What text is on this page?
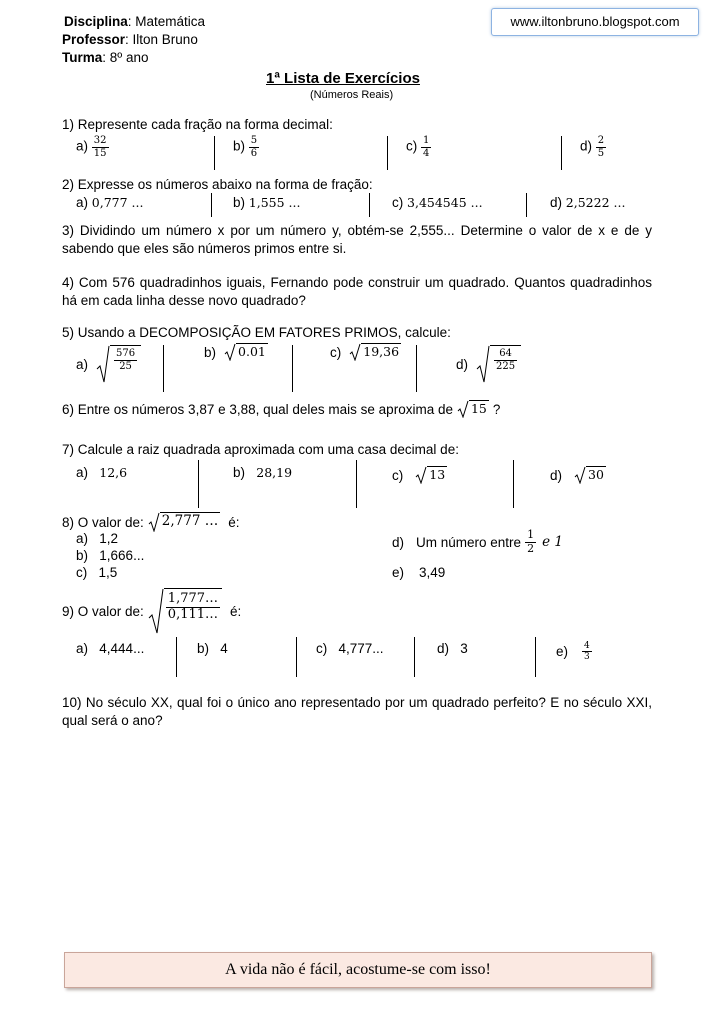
Disciplina: Matemática
Professor: Ilton Bruno
Turma: 8º ano
www.iltonbruno.blogspot.com
1ª Lista de Exercícios
(Números Reais)
1) Represente cada fração na forma decimal:
$a) \frac{32}{15}$	$b) \frac{5}{6}$	$c) \frac{1}{4}$	$d) \frac{2}{5}$
2) Expresse os números abaixo na forma de fração:
a) 0,777 ...	b) 1,555 ...	c) 3,454545 ...	d) 2,5222 ...
3) Dividindo um número x por um número y, obtém-se 2,555... Determine o valor de x e de y sabendo que eles são números primos entre si.
4) Com 576 quadradinhos iguais, Fernando pode construir um quadrado. Quantos quadradinhos há em cada linha desse novo quadrado?
5) Usando a DECOMPOSIÇÃO EM FATORES PRIMOS, calcule:
a)	$\frac{576}{25}$	b) 0.01	c) 19,36
d)	$\frac{64}{225}$
6) Entre os números 3,87 e 3,88, qual deles mais se aproxima de 15 ?
7) Calcule a raiz quadrada aproximada com uma casa decimal de:
a) 12,6	b) 28,19	c) 13	d) 30
8) O valor de: 2,777 … é:
a) 1,2
b) 1,666...
c) 1,5
d) Um número entre $\frac{1}{2}$ e 1
e) 3,49
9) O valor de: $\frac{1,777\dots}{0,111\dots}$ é:
a) 4,444...	b) 4	c) 4,777...	d) 3	$e) \frac{4}{3}$
10) No século XX, qual foi o único ano representado por um quadrado perfeito? E no século XXI, qual será o ano?
A vida não é fácil, acostume-se com isso!
